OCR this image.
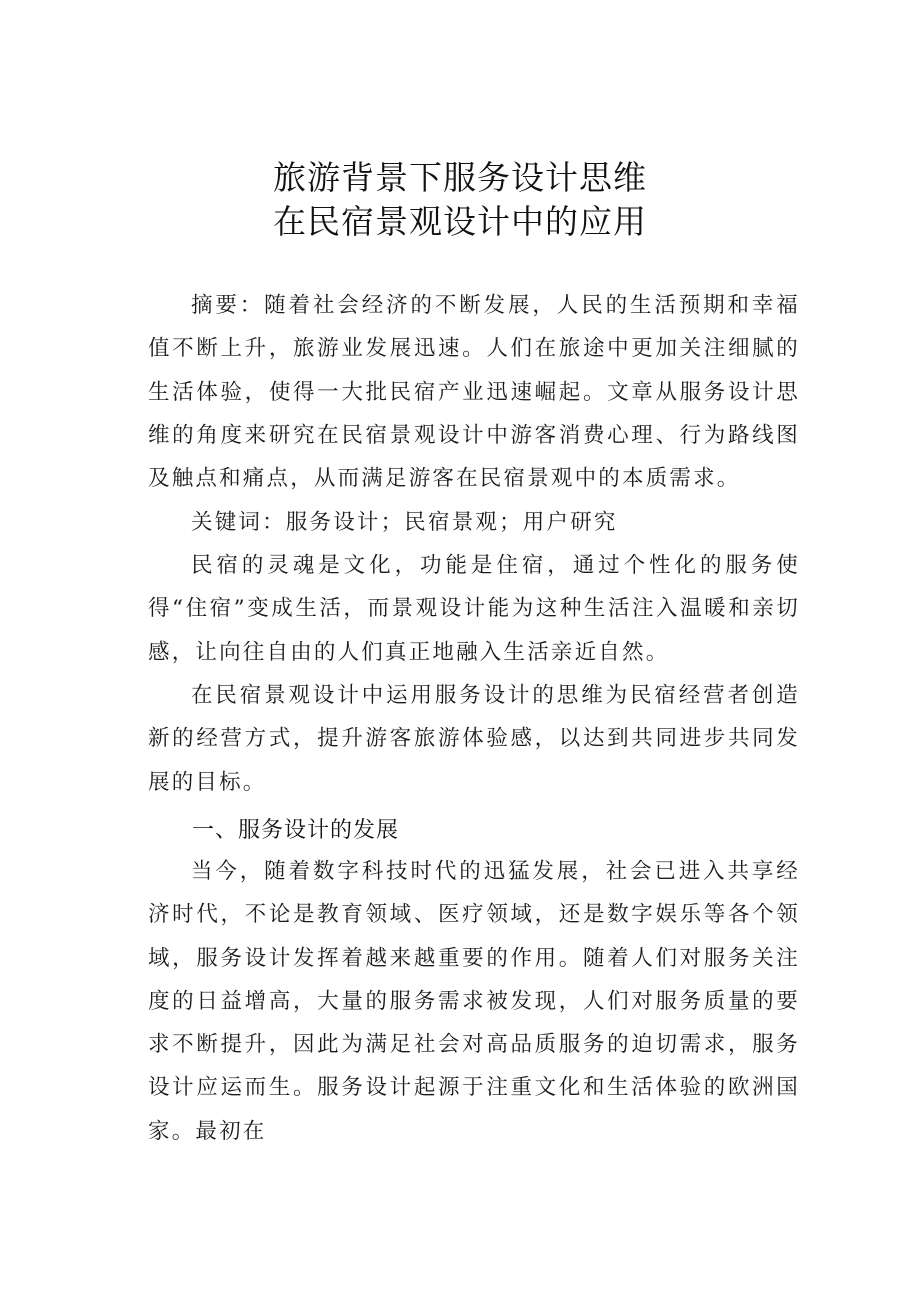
旅游背景下服务设计思维
在民宿景观设计中的应用

摘要：随着社会经济的不断发展，人民的生活预期和幸福值不断上升，旅游业发展迅速。人们在旅途中更加关注细腻的生活体验，使得一大批民宿产业迅速崛起。文章从服务设计思维的角度来研究在民宿景观设计中游客消费心理、行为路线图及触点和痛点，从而满足游客在民宿景观中的本质需求。

关键词：服务设计；民宿景观；用户研究

民宿的灵魂是文化，功能是住宿，通过个性化的服务使得“住宿”变成生活，而景观设计能为这种生活注入温暖和亲切感，让向往自由的人们真正地融入生活亲近自然。

在民宿景观设计中运用服务设计的思维为民宿经营者创造新的经营方式，提升游客旅游体验感，以达到共同进步共同发展的目标。

一、服务设计的发展

当今，随着数字科技时代的迅猛发展，社会已进入共享经济时代，不论是教育领域、医疗领域，还是数字娱乐等各个领域，服务设计发挥着越来越重要的作用。随着人们对服务关注度的日益增高，大量的服务需求被发现，人们对服务质量的要求不断提升，因此为满足社会对高品质服务的迫切需求，服务设计应运而生。服务设计起源于注重文化和生活体验的欧洲国家。最初在
